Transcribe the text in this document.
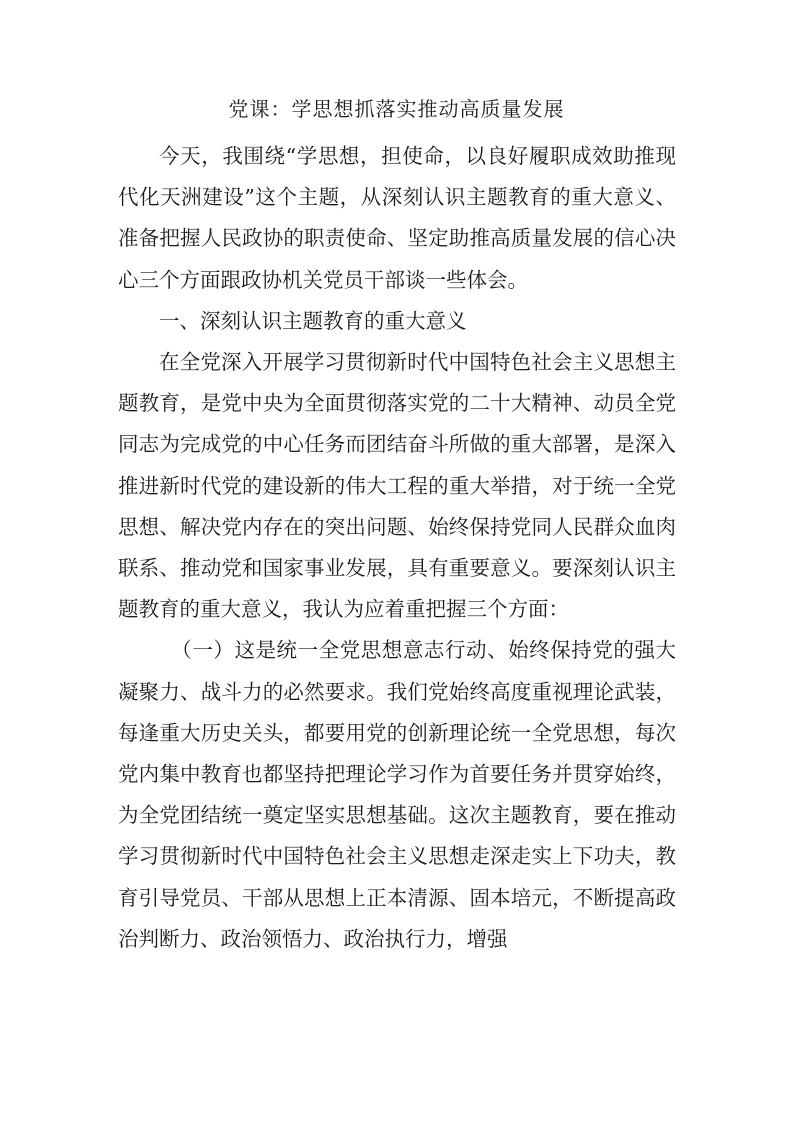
党课：学思想抓落实推动高质量发展

今天，我围绕“学思想，担使命，以良好履职成效助推现代化天洲建设”这个主题，从深刻认识主题教育的重大意义、准备把握人民政协的职责使命、坚定助推高质量发展的信心决心三个方面跟政协机关党员干部谈一些体会。

一、深刻认识主题教育的重大意义

在全党深入开展学习贯彻新时代中国特色社会主义思想主题教育，是党中央为全面贯彻落实党的二十大精神、动员全党同志为完成党的中心任务而团结奋斗所做的重大部署，是深入推进新时代党的建设新的伟大工程的重大举措，对于统一全党思想、解决党内存在的突出问题、始终保持党同人民群众血肉联系、推动党和国家事业发展，具有重要意义。要深刻认识主题教育的重大意义，我认为应着重把握三个方面：

（一）这是统一全党思想意志行动、始终保持党的强大凝聚力、战斗力的必然要求。我们党始终高度重视理论武装，每逢重大历史关头，都要用党的创新理论统一全党思想，每次党内集中教育也都坚持把理论学习作为首要任务并贯穿始终，为全党团结统一奠定坚实思想基础。这次主题教育，要在推动学习贯彻新时代中国特色社会主义思想走深走实上下功夫，教育引导党员、干部从思想上正本清源、固本培元，不断提高政治判断力、政治领悟力、政治执行力，增强
